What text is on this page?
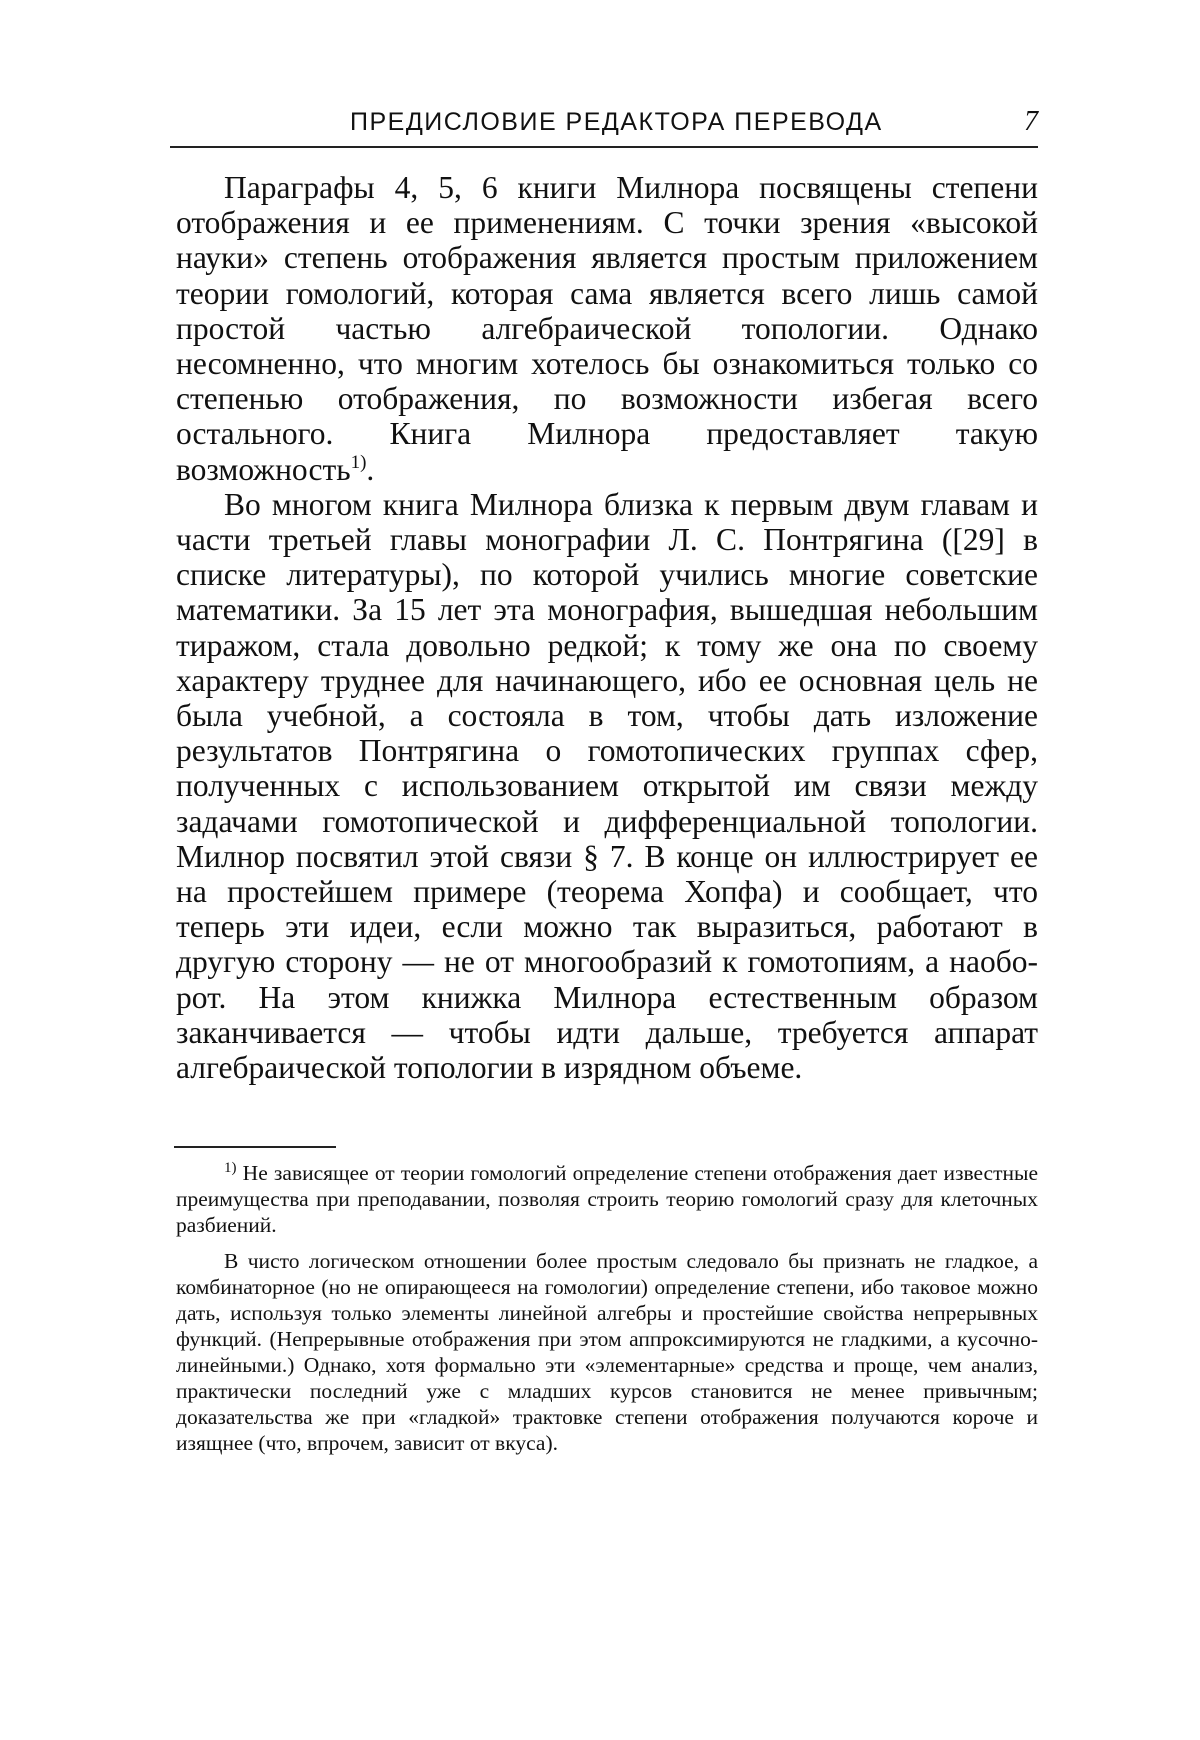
ПРЕДИСЛОВИЕ РЕДАКТОРА ПЕРЕВОДА	7

Параграфы 4, 5, 6 книги Милнора посвящены степени отображения и ее применениям. С точки зрения «высокой науки» степень отображения является простым приложением теории гомологий, которая сама является всего лишь самой простой частью алгебраической топологии. Однако несомненно, что многим хотелось бы ознакомиться только со степенью отображения, по возможности избегая всего остального. Книга Милнора предоставляет такую возможность$^{1)}$.

Во многом книга Милнора близка к первым двум главам и части третьей главы монографии Л. С. Понтрягина ([29] в списке литературы), по которой учились многие советские математики. За 15 лет эта монография, вышедшая небольшим тиражом, стала довольно редкой; к тому же она по своему характеру труднее для начинающего, ибо ее основная цель не была учебной, а состояла в том, чтобы дать изложение результатов Понтрягина о гомотопических группах сфер, полученных с использованием открытой им связи между задачами гомотопической и дифференциальной топологии. Милнор посвятил этой связи § 7. В конце он иллюстрирует ее на простейшем примере (теорема Хопфа) и сообщает, что теперь эти идеи, если можно так выразиться, работают в другую сторону — не от многообразий к гомотопиям, а наоборот. На этом книжка Милнора естественным образом заканчивается — чтобы идти дальше, требуется аппарат алгебраической топологии в изрядном объеме.

$^{1)}$ Не зависящее от теории гомологий определение степени отображения дает известные преимущества при преподавании, позволяя строить теорию гомологий сразу для клеточных разбиений.

В чисто логическом отношении более простым следовало бы признать не гладкое, а комбинаторное (но не опирающееся на гомологии) определение степени, ибо таковое можно дать, используя только элементы линейной алгебры и простейшие свойства непрерывных функций. (Непрерывные отображения при этом аппроксимируются не гладкими, а кусочно-линейными.) Однако, хотя формально эти «элементарные» средства и проще, чем анализ, практически последний уже с младших курсов становится не менее привычным; доказательства же при «гладкой» трактовке степени отображения получаются короче и изящнее (что, впрочем, зависит от вкуса).
